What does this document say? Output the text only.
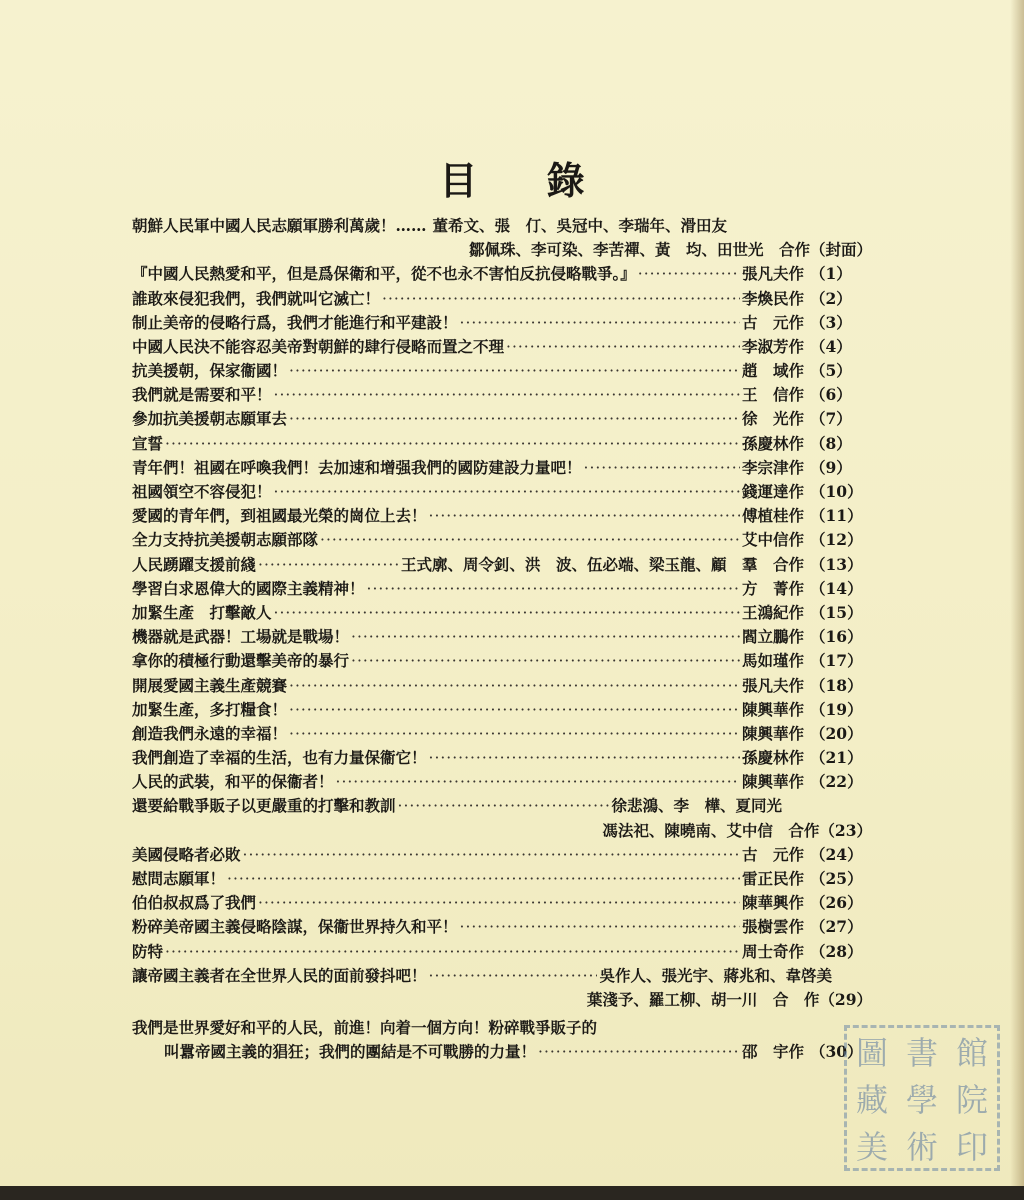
目 錄
朝鮮人民軍中國人民志願軍勝利萬歲！…… 董希文、張　仃、吳冠中、李瑞年、滑田友
鄒佩珠、李可染、李苦禪、黃　均、田世光　合作（封面）
『中國人民熱愛和平，但是爲保衛和平，從不也永不害怕反抗侵略戰爭。』 ·····	張凡夫作 （1）
誰敢來侵犯我們，我們就叫它滅亡！ ·····	李煥民作 （2）
制止美帝的侵略行爲，我們才能進行和平建設！ ·····	古　元作 （3）
中國人民決不能容忍美帝對朝鮮的肆行侵略而置之不理 ·····	李淑芳作 （4）
抗美援朝，保家衞國！ ·····	趙　域作 （5）
我們就是需要和平！ ·····	王　信作 （6）
參加抗美援朝志願軍去 ·····	徐　光作 （7）
宣誓 ·····	孫慶林作 （8）
青年們！祖國在呼喚我們！去加速和增强我們的國防建設力量吧！ ·····	李宗津作 （9）
祖國領空不容侵犯！ ·····	錢運達作 （10）
愛國的青年們，到祖國最光榮的崗位上去！ ·····	傅植桂作 （11）
全力支持抗美援朝志願部隊 ·····	艾中信作 （12）
人民踴躍支援前綫 ·····	王式廓、周令釗、洪　波、伍必端、梁玉龍、顧　羣　合作 （13）
學習白求恩偉大的國際主義精神！ ·····	方　菁作 （14）
加緊生產　打擊敵人 ·····	王鴻紀作 （15）
機器就是武器！工場就是戰場！ ·····	閻立鵬作 （16）
拿你的積極行動還擊美帝的暴行 ·····	馬如瑾作 （17）
開展愛國主義生產競賽 ·····	張凡夫作 （18）
加緊生產，多打糧食！ ·····	陳興華作 （19）
創造我們永遠的幸福！ ·····	陳興華作 （20）
我們創造了幸福的生活，也有力量保衞它！ ·····	孫慶林作 （21）
人民的武裝，和平的保衞者！ ·····	陳興華作 （22）
還要給戰爭販子以更嚴重的打擊和教訓 ·····	徐悲鴻、李　樺、夏同光
馮法祀、陳曉南、艾中信　合作（23）
美國侵略者必敗 ·····	古　元作 （24）
慰問志願軍！ ·····	雷正民作 （25）
伯伯叔叔爲了我們 ·····	陳華興作 （26）
粉碎美帝國主義侵略陰謀，保衞世界持久和平！ ·····	張樹雲作 （27）
防特 ·····	周士奇作 （28）
讓帝國主義者在全世界人民的面前發抖吧！ ·····	吳作人、張光宇、蔣兆和、韋啓美
葉淺予、羅工柳、胡一川　合　作（29）
我們是世界愛好和平的人民，前進！向着一個方向！粉碎戰爭販子的
叫囂帝國主義的猖狂；我們的團結是不可戰勝的力量！ ·····	邵　宇作 （30）
圖 書 館
藏 學 院
美 術 印
